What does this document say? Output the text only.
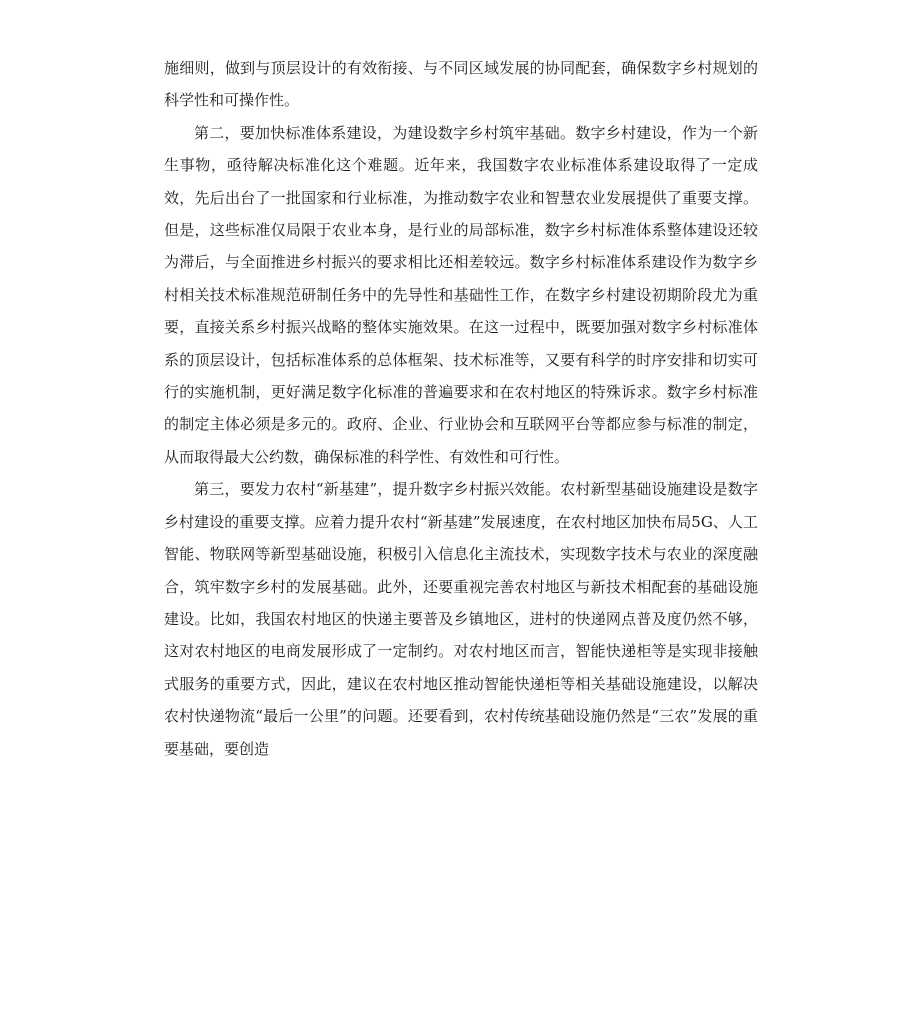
施细则，做到与顶层设计的有效衔接、与不同区域发展的协同配套，确保数字乡村规划的科学性和可操作性。

第二，要加快标准体系建设，为建设数字乡村筑牢基础。数字乡村建设，作为一个新生事物，亟待解决标准化这个难题。近年来，我国数字农业标准体系建设取得了一定成效，先后出台了一批国家和行业标准，为推动数字农业和智慧农业发展提供了重要支撑。但是，这些标准仅局限于农业本身，是行业的局部标准，数字乡村标准体系整体建设还较为滞后，与全面推进乡村振兴的要求相比还相差较远。数字乡村标准体系建设作为数字乡村相关技术标准规范研制任务中的先导性和基础性工作，在数字乡村建设初期阶段尤为重要，直接关系乡村振兴战略的整体实施效果。在这一过程中，既要加强对数字乡村标准体系的顶层设计，包括标准体系的总体框架、技术标准等，又要有科学的时序安排和切实可行的实施机制，更好满足数字化标准的普遍要求和在农村地区的特殊诉求。数字乡村标准的制定主体必须是多元的。政府、企业、行业协会和互联网平台等都应参与标准的制定，从而取得最大公约数，确保标准的科学性、有效性和可行性。

第三，要发力农村“新基建”，提升数字乡村振兴效能。农村新型基础设施建设是数字乡村建设的重要支撑。应着力提升农村“新基建”发展速度，在农村地区加快布局5G、人工智能、物联网等新型基础设施，积极引入信息化主流技术，实现数字技术与农业的深度融合，筑牢数字乡村的发展基础。此外，还要重视完善农村地区与新技术相配套的基础设施建设。比如，我国农村地区的快递主要普及乡镇地区，进村的快递网点普及度仍然不够，这对农村地区的电商发展形成了一定制约。对农村地区而言，智能快递柜等是实现非接触式服务的重要方式，因此，建议在农村地区推动智能快递柜等相关基础设施建设，以解决农村快递物流“最后一公里”的问题。还要看到，农村传统基础设施仍然是“三农”发展的重要基础，要创造
